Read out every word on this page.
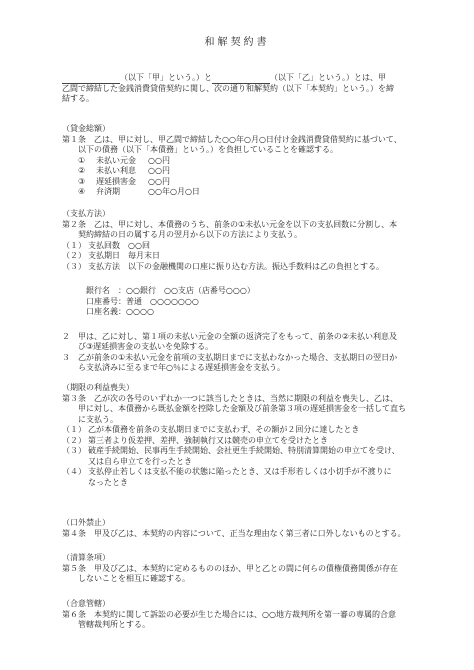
和解契約書

（以下「甲」という。）と	（以下「乙」という。）とは、甲

乙間で締結した金銭消費貸借契約に関し、次の通り和解契約（以下「本契約」という。）を締

結する。

（貸金総額）

第１条　乙は、甲に対し、甲乙間で締結した○○年○月○日付け金銭消費貸借契約に基づいて、

以下の債務（以下「本債務」という。）を負担していることを確認する。

①	未払い元金	○○円
②	未払い利息	○○円
③	遅延損害金	○○円
④	弁済期	○○年○月○日

（支払方法）

第２条　乙は、甲に対し、本債務のうち、前条の①未払い元金を以下の支払回数に分割し、本

契約締結の日の属する月の翌月から以下の方法により支払う。

（１） 支払回数　○○回
（２） 支払期日　毎月末日
（３） 支払方法　以下の金融機関の口座に振り込む方法。振込手数料は乙の負担とする。

銀行名　：○○銀行　○○支店（店番号○○○）

口座番号：普通　○○○○○○○

口座名義：○○○○

２　甲は、乙に対し、第１項の未払い元金の全額の返済完了をもって、前条の②未払い利息及

び③遅延損害金の支払いを免除する。

３　乙が前条の①未払い元金を前項の支払期日までに支払わなかった場合、支払期日の翌日か

ら支払済みに至るまで年○％による遅延損害金を支払う。

（期限の利益喪失）

第３条　乙が次の各号のいずれか一つに該当したときは、当然に期限の利益を喪失し、乙は、

甲に対し、本債務から既払金額を控除した金額及び前条第３項の遅延損害金を一括して直ち

に支払う。

（１） 乙が本債務を前条の支払期日までに支払わず、その額が２回分に達したとき
（２） 第三者より仮差押、差押、強制執行又は競売の申立てを受けたとき
（３） 破産手続開始、民事再生手続開始、会社更生手続開始、特別清算開始の申立てを受け、
又は自ら申立てを行ったとき
（４） 支払停止若しくは支払不能の状態に陥ったとき、又は手形若しくは小切手が不渡りに
なったとき

（口外禁止）

第４条　甲及び乙は、本契約の内容について、正当な理由なく第三者に口外しないものとする。

（清算条項）

第５条　甲及び乙は、本契約に定めるもののほか、甲と乙との間に何らの債権債務関係が存在

しないことを相互に確認する。

（合意管轄）

第６条　本契約に関して訴訟の必要が生じた場合には、○○地方裁判所を第一審の専属的合意

管轄裁判所とする。
